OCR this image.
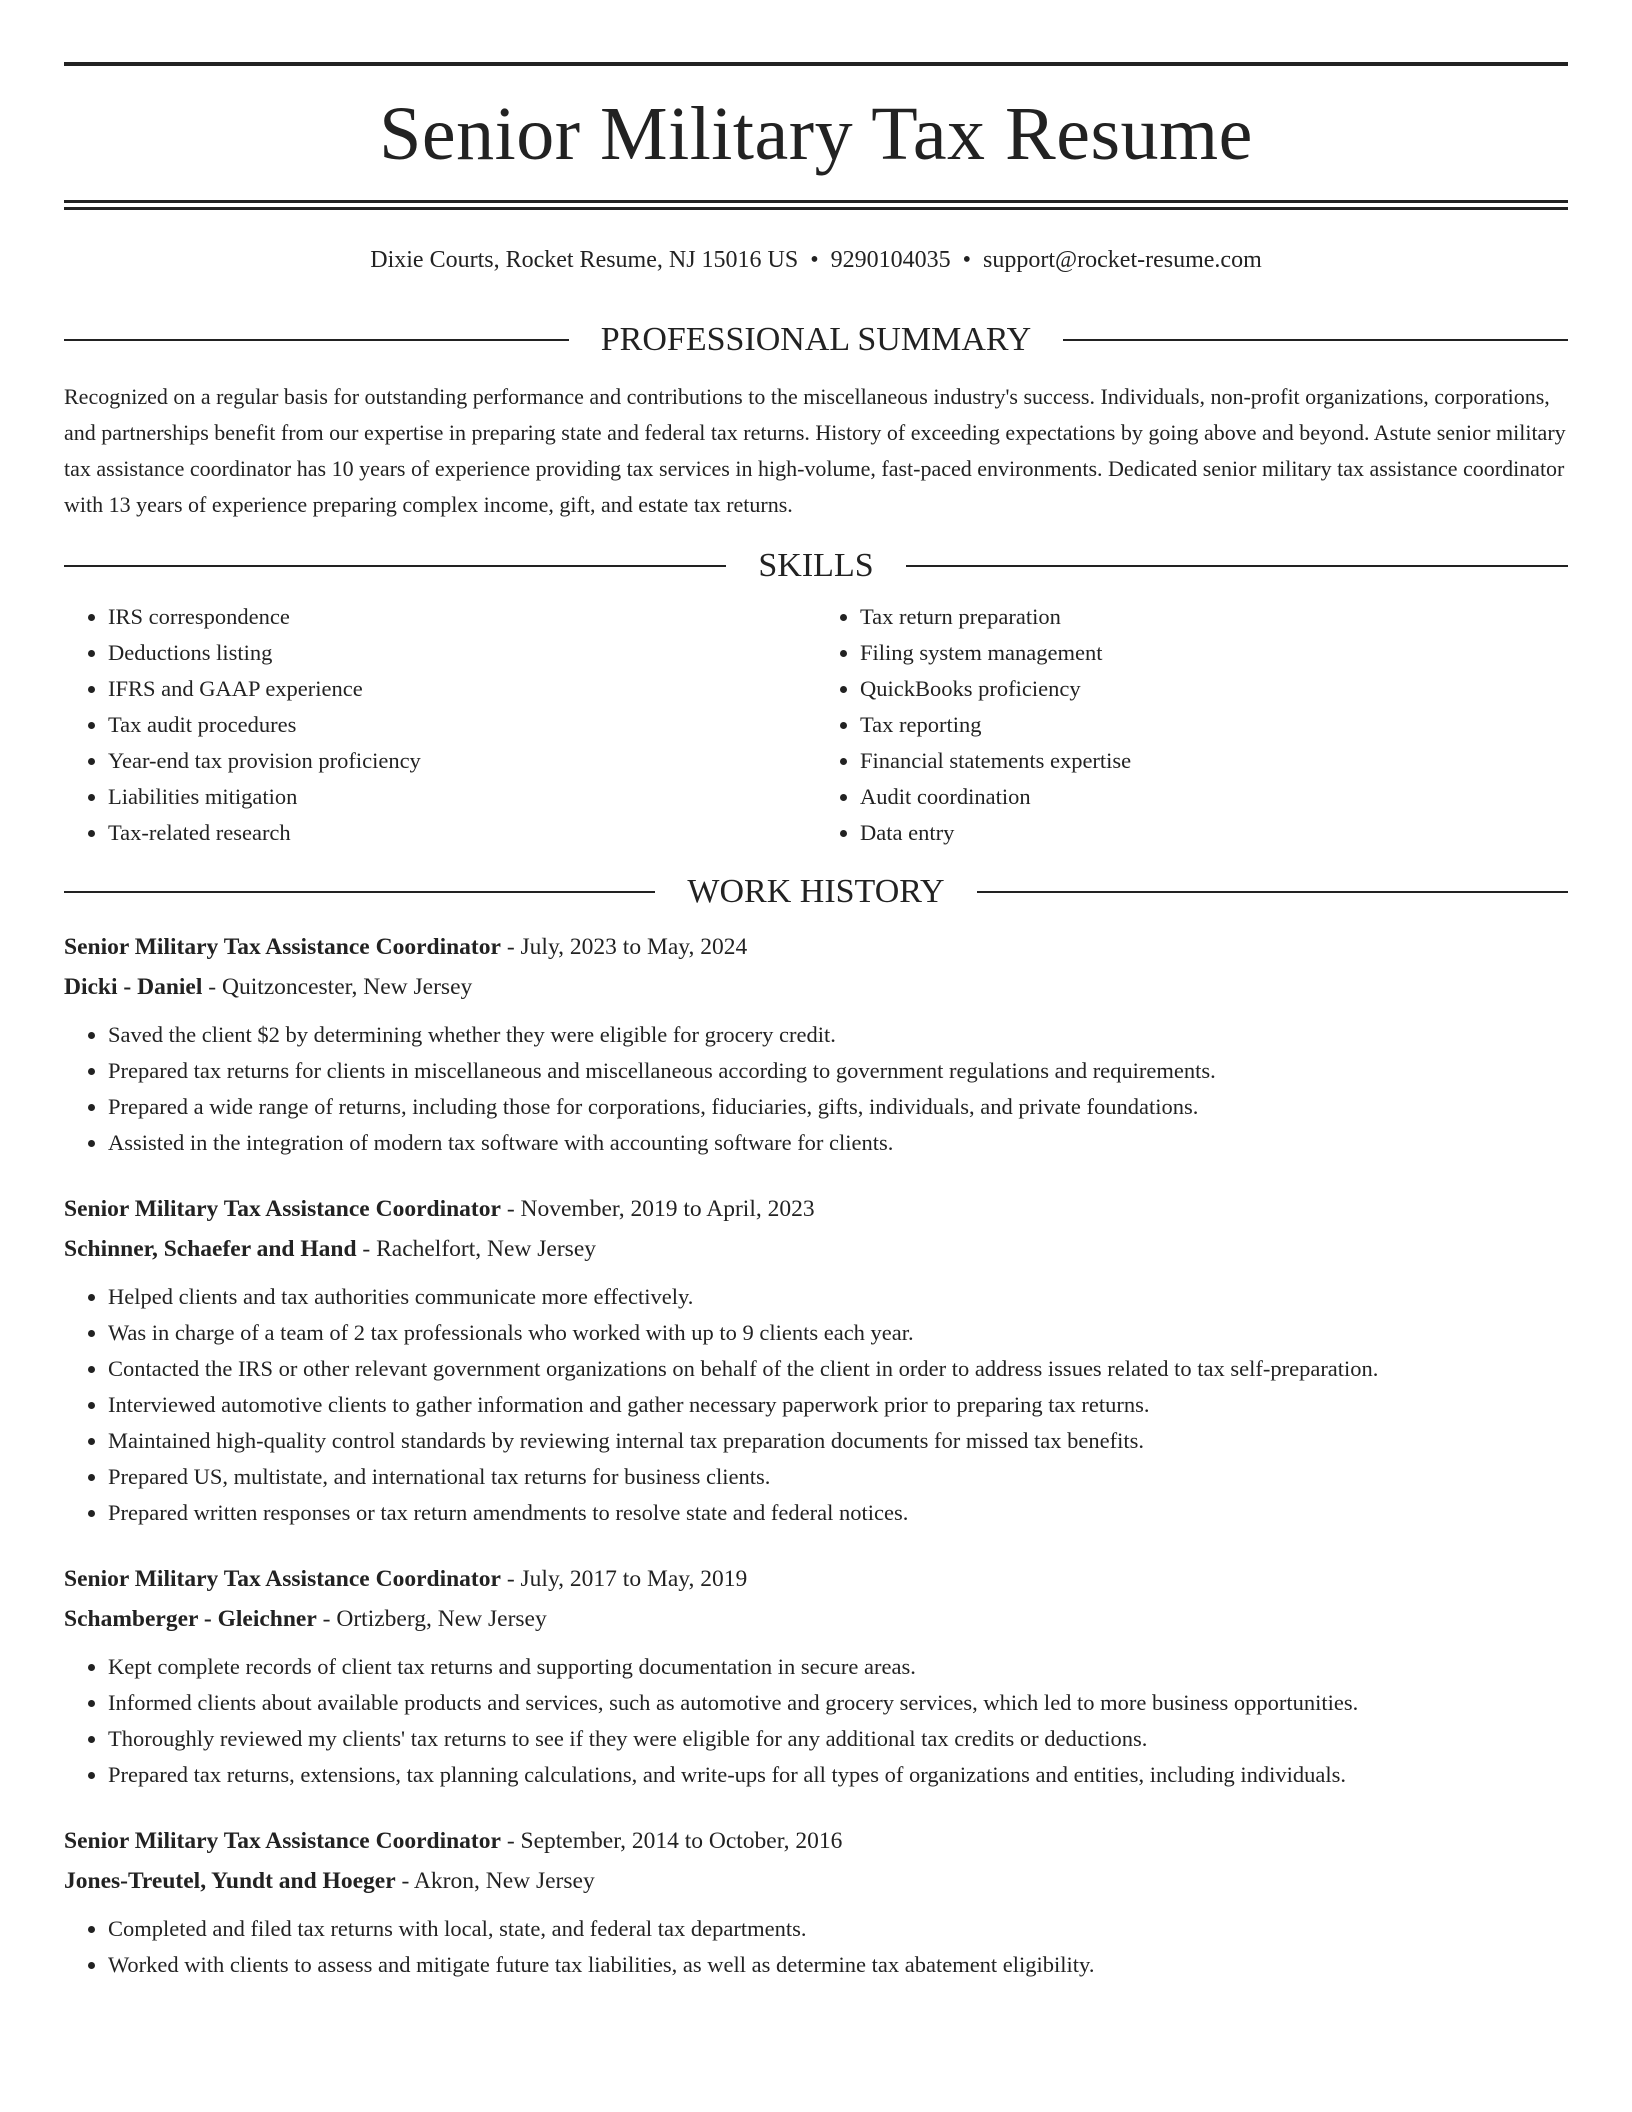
Senior Military Tax Resume
Dixie Courts, Rocket Resume, NJ 15016 US • 9290104035 • support@rocket-resume.com
PROFESSIONAL SUMMARY

Recognized on a regular basis for outstanding performance and contributions to the miscellaneous industry's success. Individuals, non-profit organizations, corporations, and partnerships benefit from our expertise in preparing state and federal tax returns. History of exceeding expectations by going above and beyond. Astute senior military tax assistance coordinator has 10 years of experience providing tax services in high-volume, fast-paced environments. Dedicated senior military tax assistance coordinator with 13 years of experience preparing complex income, gift, and estate tax returns.

SKILLS
• IRS correspondence
• Deductions listing
• IFRS and GAAP experience
• Tax audit procedures
• Year-end tax provision proficiency
• Liabilities mitigation
• Tax-related research
• Tax return preparation
• Filing system management
• QuickBooks proficiency
• Tax reporting
• Financial statements expertise
• Audit coordination
• Data entry
WORK HISTORY
Senior Military Tax Assistance Coordinator - July, 2023 to May, 2024
Dicki - Daniel - Quitzoncester, New Jersey
• Saved the client $2 by determining whether they were eligible for grocery credit.
• Prepared tax returns for clients in miscellaneous and miscellaneous according to government regulations and requirements.
• Prepared a wide range of returns, including those for corporations, fiduciaries, gifts, individuals, and private foundations.
• Assisted in the integration of modern tax software with accounting software for clients.
Senior Military Tax Assistance Coordinator - November, 2019 to April, 2023
Schinner, Schaefer and Hand - Rachelfort, New Jersey
• Helped clients and tax authorities communicate more effectively.
• Was in charge of a team of 2 tax professionals who worked with up to 9 clients each year.
• Contacted the IRS or other relevant government organizations on behalf of the client in order to address issues related to tax self-preparation.
• Interviewed automotive clients to gather information and gather necessary paperwork prior to preparing tax returns.
• Maintained high-quality control standards by reviewing internal tax preparation documents for missed tax benefits.
• Prepared US, multistate, and international tax returns for business clients.
• Prepared written responses or tax return amendments to resolve state and federal notices.
Senior Military Tax Assistance Coordinator - July, 2017 to May, 2019
Schamberger - Gleichner - Ortizberg, New Jersey
• Kept complete records of client tax returns and supporting documentation in secure areas.
• Informed clients about available products and services, such as automotive and grocery services, which led to more business opportunities.
• Thoroughly reviewed my clients' tax returns to see if they were eligible for any additional tax credits or deductions.
• Prepared tax returns, extensions, tax planning calculations, and write-ups for all types of organizations and entities, including individuals.
Senior Military Tax Assistance Coordinator - September, 2014 to October, 2016
Jones-Treutel, Yundt and Hoeger - Akron, New Jersey
• Completed and filed tax returns with local, state, and federal tax departments.
• Worked with clients to assess and mitigate future tax liabilities, as well as determine tax abatement eligibility.
